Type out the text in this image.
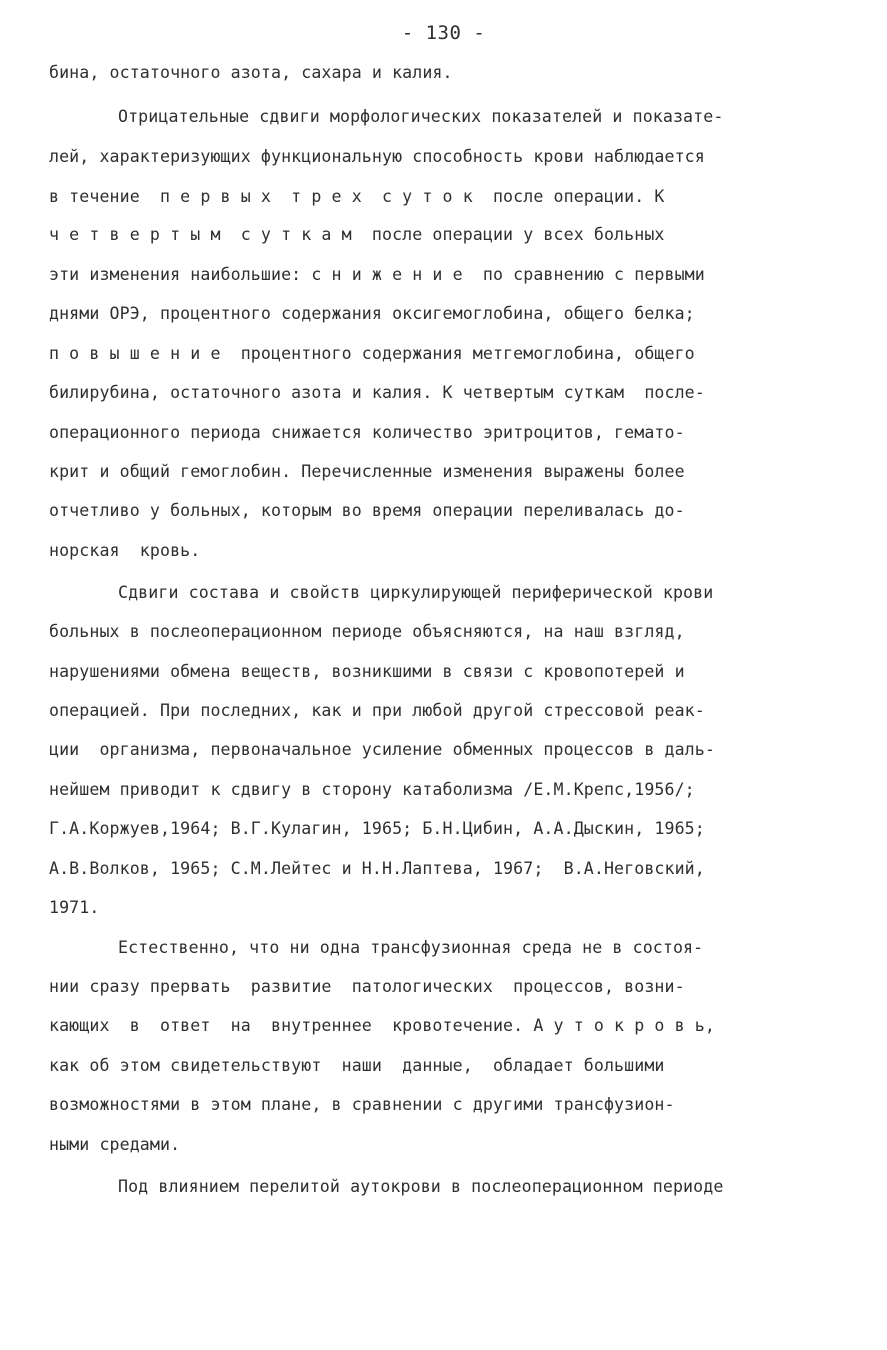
- 130 -
бина, остаточного азота, сахара и калия.
Отрицательные сдвиги морфологических показателей и показате-
лей, характеризующих функциональную способность крови наблюдается
в течение  п е р в ы х  т р е х  с у т о к  после операции. К
ч е т в е р т ы м  с у т к а м  после операции у всех больных
эти изменения наибольшие: с н и ж е н и е  по сравнению с первыми
днями ОРЭ, процентного содержания оксигемоглобина, общего белка;
п о в ы ш е н и е  процентного содержания метгемоглобина, общего
билирубина, остаточного азота и калия. К четвертым суткам  после-
операционного периода снижается количество эритроцитов, гемато-
крит и общий гемоглобин. Перечисленные изменения выражены более
отчетливо у больных, которым во время операции переливалась до-
норская  кровь.
Сдвиги состава и свойств циркулирующей периферической крови
больных в послеоперационном периоде объясняются, на наш взгляд,
нарушениями обмена веществ, возникшими в связи с кровопотерей и
операцией. При последних, как и при любой другой стрессовой реак-
ции  организма, первоначальное усиление обменных процессов в даль-
нейшем приводит к сдвигу в сторону катаболизма /Е.М.Крепс,1956/;
Г.А.Коржуев,1964; В.Г.Кулагин, 1965; Б.Н.Цибин, А.А.Дыскин, 1965;
А.В.Волков, 1965; С.М.Лейтес и Н.Н.Лаптева, 1967;  В.А.Неговский,
1971.
Естественно, что ни одна трансфузионная среда не в состоя-
нии сразу прервать  развитие  патологических  процессов, возни-
кающих  в  ответ  на  внутреннее  кровотечение. А у т о к р о в ь,
как об этом свидетельствуют  наши  данные,  обладает большими
возможностями в этом плане, в сравнении с другими трансфузион-
ными средами.
Под влиянием перелитой аутокрови в послеоперационном периоде
